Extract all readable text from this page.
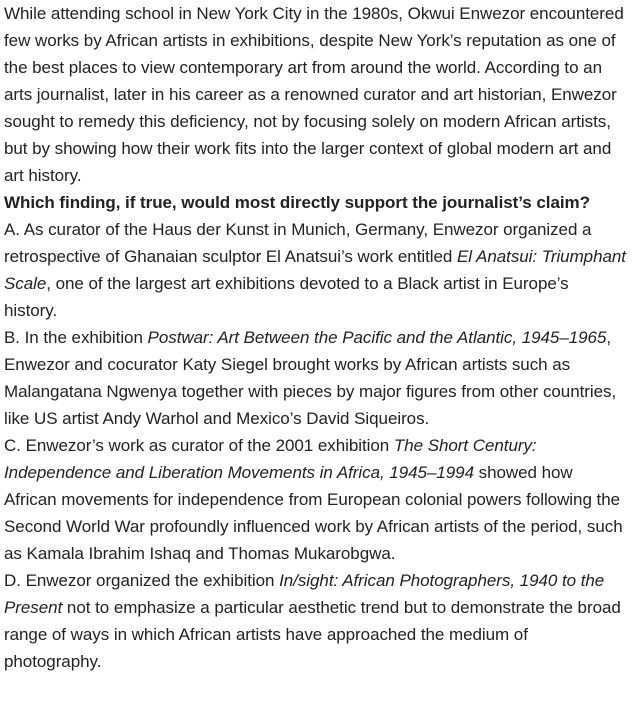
While attending school in New York City in the 1980s, Okwui Enwezor encountered few works by African artists in exhibitions, despite New York’s reputation as one of the best places to view contemporary art from around the world. According to an arts journalist, later in his career as a renowned curator and art historian, Enwezor sought to remedy this deficiency, not by focusing solely on modern African artists, but by showing how their work fits into the larger context of global modern art and art history.

Which finding, if true, would most directly support the journalist’s claim?

A. As curator of the Haus der Kunst in Munich, Germany, Enwezor organized a retrospective of Ghanaian sculptor El Anatsui’s work entitled El Anatsui: Triumphant Scale, one of the largest art exhibitions devoted to a Black artist in Europe’s history.

B. In the exhibition Postwar: Art Between the Pacific and the Atlantic, 1945–1965, Enwezor and cocurator Katy Siegel brought works by African artists such as Malangatana Ngwenya together with pieces by major figures from other countries, like US artist Andy Warhol and Mexico’s David Siqueiros.

C. Enwezor’s work as curator of the 2001 exhibition The Short Century: Independence and Liberation Movements in Africa, 1945–1994 showed how African movements for independence from European colonial powers following the Second World War profoundly influenced work by African artists of the period, such as Kamala Ibrahim Ishaq and Thomas Mukarobgwa.

D. Enwezor organized the exhibition In/sight: African Photographers, 1940 to the Present not to emphasize a particular aesthetic trend but to demonstrate the broad range of ways in which African artists have approached the medium of photography.
